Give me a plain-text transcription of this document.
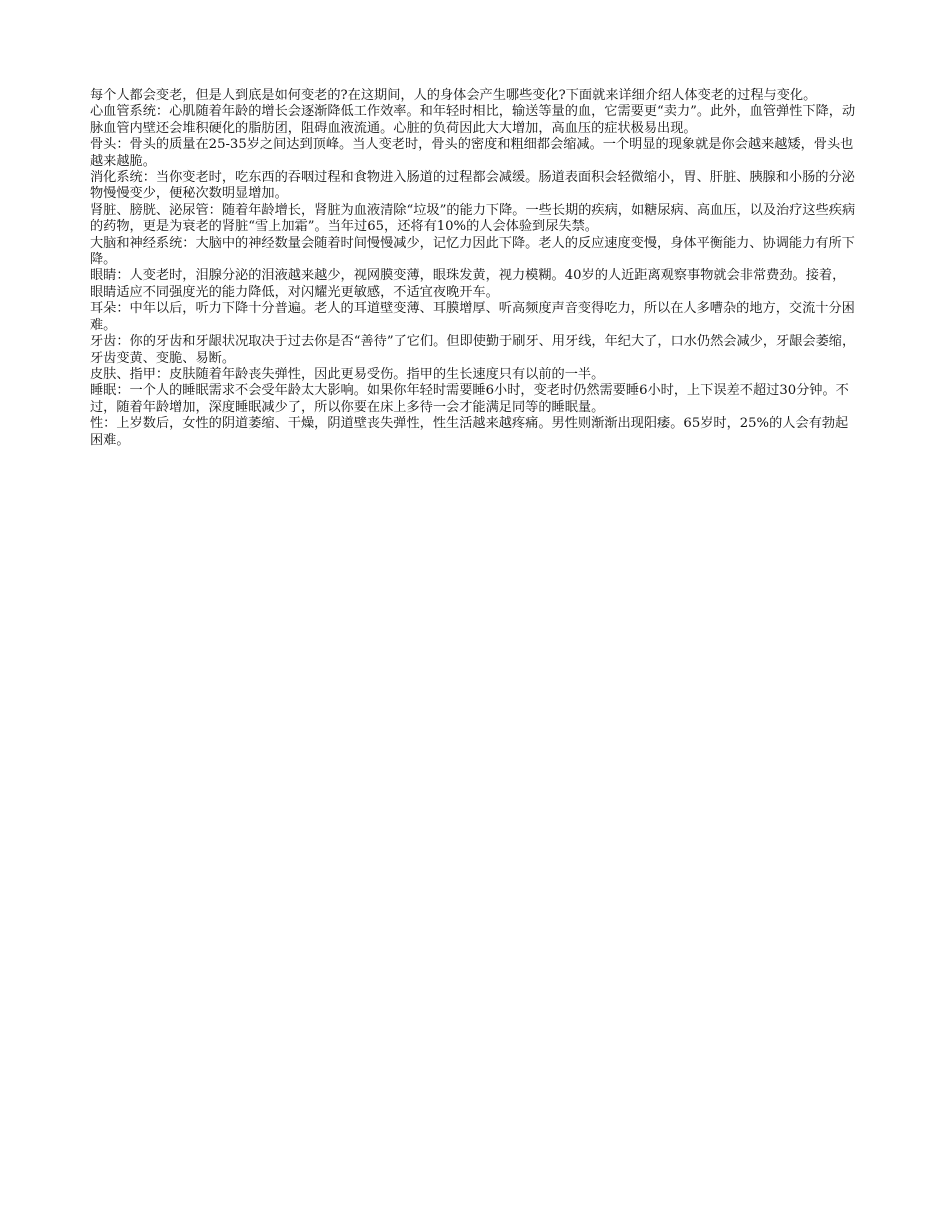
每个人都会变老，但是人到底是如何变老的?在这期间，人的身体会产生哪些变化?下面就来详细介绍人体变老的过程与变化。

心血管系统：心肌随着年龄的增长会逐渐降低工作效率。和年轻时相比，输送等量的血，它需要更“卖力”。此外，血管弹性下降，动脉血管内壁还会堆积硬化的脂肪团，阻碍血液流通。心脏的负荷因此大大增加，高血压的症状极易出现。

骨头：骨头的质量在25-35岁之间达到顶峰。当人变老时，骨头的密度和粗细都会缩减。一个明显的现象就是你会越来越矮，骨头也越来越脆。

消化系统：当你变老时，吃东西的吞咽过程和食物进入肠道的过程都会减缓。肠道表面积会轻微缩小，胃、肝脏、胰腺和小肠的分泌物慢慢变少，便秘次数明显增加。

肾脏、膀胱、泌尿管：随着年龄增长，肾脏为血液清除“垃圾”的能力下降。一些长期的疾病，如糖尿病、高血压，以及治疗这些疾病的药物，更是为衰老的肾脏“雪上加霜”。当年过65，还将有10%的人会体验到尿失禁。

大脑和神经系统：大脑中的神经数量会随着时间慢慢减少，记忆力因此下降。老人的反应速度变慢，身体平衡能力、协调能力有所下降。

眼睛：人变老时，泪腺分泌的泪液越来越少，视网膜变薄，眼珠发黄，视力模糊。40岁的人近距离观察事物就会非常费劲。接着，眼睛适应不同强度光的能力降低，对闪耀光更敏感，不适宜夜晚开车。

耳朵：中年以后，听力下降十分普遍。老人的耳道壁变薄、耳膜增厚、听高频度声音变得吃力，所以在人多嘈杂的地方，交流十分困难。

牙齿：你的牙齿和牙龈状况取决于过去你是否“善待”了它们。但即使勤于刷牙、用牙线，年纪大了，口水仍然会减少，牙龈会萎缩，牙齿变黄、变脆、易断。

皮肤、指甲：皮肤随着年龄丧失弹性，因此更易受伤。指甲的生长速度只有以前的一半。

睡眠：一个人的睡眠需求不会受年龄太大影响。如果你年轻时需要睡6小时，变老时仍然需要睡6小时，上下误差不超过30分钟。不过，随着年龄增加，深度睡眠减少了，所以你要在床上多待一会才能满足同等的睡眠量。

性：上岁数后，女性的阴道萎缩、干燥，阴道壁丧失弹性，性生活越来越疼痛。男性则渐渐出现阳痿。65岁时，25%的人会有勃起困难。
